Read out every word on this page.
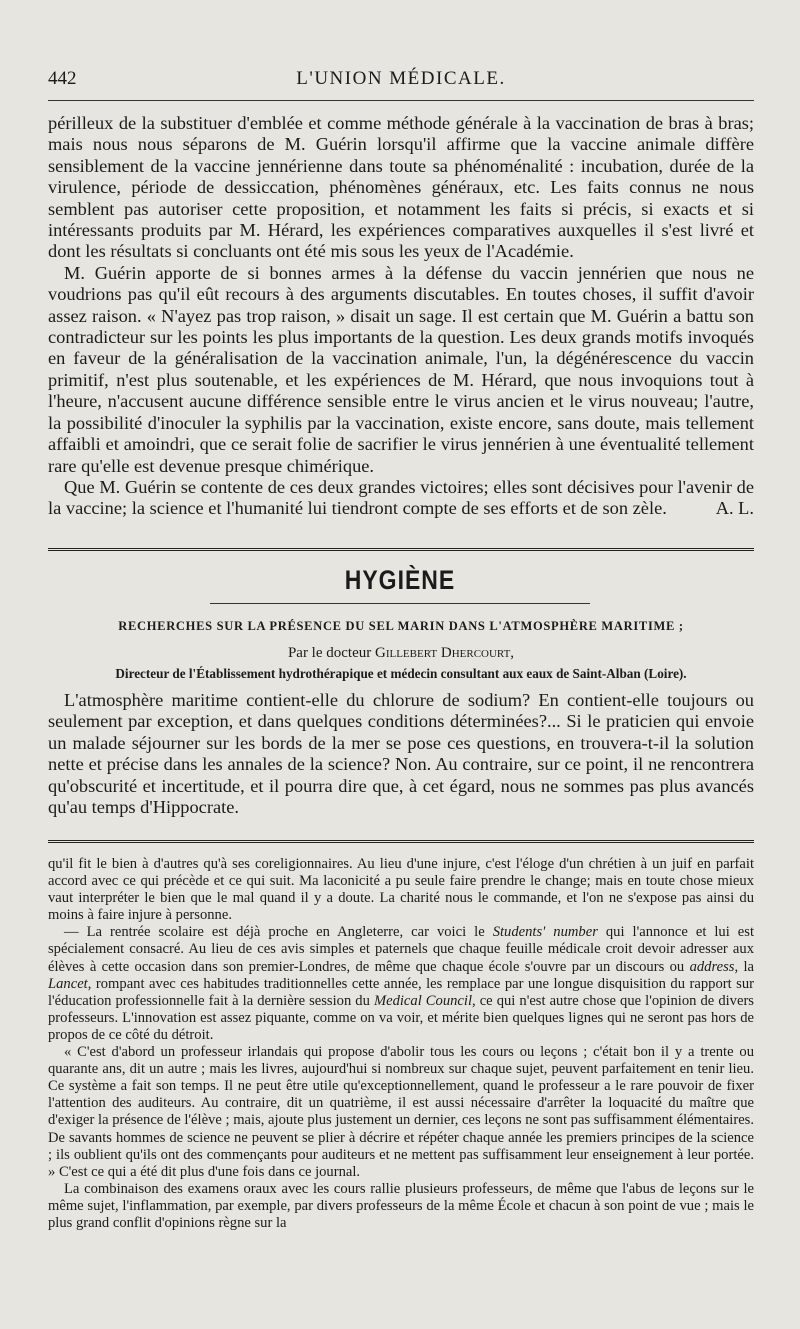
442	L'UNION MÉDICALE.

périlleux de la substituer d'emblée et comme méthode générale à la vaccination de bras à bras; mais nous nous séparons de M. Guérin lorsqu'il affirme que la vaccine animale diffère sensiblement de la vaccine jennérienne dans toute sa phénoménalité : incubation, durée de la virulence, période de dessiccation, phénomènes généraux, etc. Les faits connus ne nous semblent pas autoriser cette proposition, et notamment les faits si précis, si exacts et si intéressants produits par M. Hérard, les expériences comparatives auxquelles il s'est livré et dont les résultats si concluants ont été mis sous les yeux de l'Académie.

M. Guérin apporte de si bonnes armes à la défense du vaccin jennérien que nous ne voudrions pas qu'il eût recours à des arguments discutables. En toutes choses, il suffit d'avoir assez raison. « N'ayez pas trop raison, » disait un sage. Il est certain que M. Guérin a battu son contradicteur sur les points les plus importants de la question. Les deux grands motifs invoqués en faveur de la généralisation de la vaccination animale, l'un, la dégénérescence du vaccin primitif, n'est plus soutenable, et les expériences de M. Hérard, que nous invoquions tout à l'heure, n'accusent aucune différence sensible entre le virus ancien et le virus nouveau; l'autre, la possibilité d'inoculer la syphilis par la vaccination, existe encore, sans doute, mais tellement affaibli et amoindri, que ce serait folie de sacrifier le virus jennérien à une éventualité tellement rare qu'elle est devenue presque chimérique.

Que M. Guérin se contente de ces deux grandes victoires; elles sont décisives pour l'avenir de la vaccine; la science et l'humanité lui tiendront compte de ses efforts et de son zèle.	A. L.

HYGIÈNE
RECHERCHES SUR LA PRÉSENCE DU SEL MARIN DANS L'ATMOSPHÈRE MARITIME ;
Par le docteur Gillebert Dhercourt,
Directeur de l'Établissement hydrothérapique et médecin consultant aux eaux de Saint-Alban (Loire).

L'atmosphère maritime contient-elle du chlorure de sodium? En contient-elle toujours ou seulement par exception, et dans quelques conditions déterminées?... Si le praticien qui envoie un malade séjourner sur les bords de la mer se pose ces questions, en trouvera-t-il la solution nette et précise dans les annales de la science? Non. Au contraire, sur ce point, il ne rencontrera qu'obscurité et incertitude, et il pourra dire que, à cet égard, nous ne sommes pas plus avancés qu'au temps d'Hippocrate.

qu'il fit le bien à d'autres qu'à ses coreligionnaires. Au lieu d'une injure, c'est l'éloge d'un chrétien à un juif en parfait accord avec ce qui précède et ce qui suit. Ma laconicité a pu seule faire prendre le change; mais en toute chose mieux vaut interpréter le bien que le mal quand il y a doute. La charité nous le commande, et l'on ne s'expose pas ainsi du moins à faire injure à personne.

— La rentrée scolaire est déjà proche en Angleterre, car voici le Students' number qui l'annonce et lui est spécialement consacré. Au lieu de ces avis simples et paternels que chaque feuille médicale croit devoir adresser aux élèves à cette occasion dans son premier-Londres, de même que chaque école s'ouvre par un discours ou address, la Lancet, rompant avec ces habitudes traditionnelles cette année, les remplace par une longue disquisition du rapport sur l'éducation professionnelle fait à la dernière session du Medical Council, ce qui n'est autre chose que l'opinion de divers professeurs. L'innovation est assez piquante, comme on va voir, et mérite bien quelques lignes qui ne seront pas hors de propos de ce côté du détroit.

« C'est d'abord un professeur irlandais qui propose d'abolir tous les cours ou leçons ; c'était bon il y a trente ou quarante ans, dit un autre ; mais les livres, aujourd'hui si nombreux sur chaque sujet, peuvent parfaitement en tenir lieu. Ce système a fait son temps. Il ne peut être utile qu'exceptionnellement, quand le professeur a le rare pouvoir de fixer l'attention des auditeurs. Au contraire, dit un quatrième, il est aussi nécessaire d'arrêter la loquacité du maître que d'exiger la présence de l'élève ; mais, ajoute plus justement un dernier, ces leçons ne sont pas suffisamment élémentaires. De savants hommes de science ne peuvent se plier à décrire et répéter chaque année les premiers principes de la science ; ils oublient qu'ils ont des commençants pour auditeurs et ne mettent pas suffisamment leur enseignement à leur portée. » C'est ce qui a été dit plus d'une fois dans ce journal.

La combinaison des examens oraux avec les cours rallie plusieurs professeurs, de même que l'abus de leçons sur le même sujet, l'inflammation, par exemple, par divers professeurs de la même École et chacun à son point de vue ; mais le plus grand conflit d'opinions règne sur la
